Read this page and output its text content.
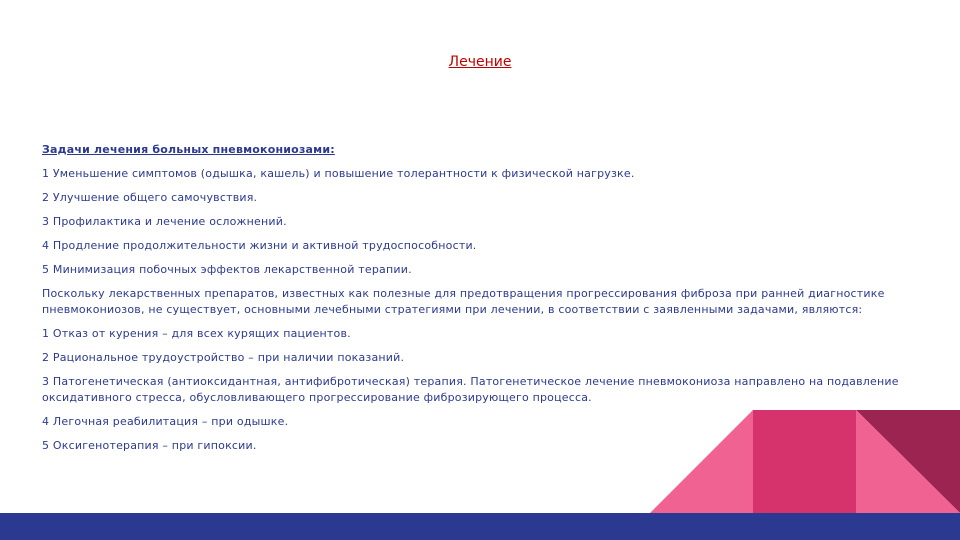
Лечение

Задачи лечения больных пневмокониозами:

1 Уменьшение симптомов (одышка, кашель) и повышение толерантности к физической нагрузке.

2 Улучшение общего самочувствия.

3 Профилактика и лечение осложнений.

4 Продление продолжительности жизни и активной трудоспособности.

5 Минимизация побочных эффектов лекарственной терапии.

Поскольку лекарственных препаратов, известных как полезные для предотвращения прогрессирования фиброза при ранней диагностике пневмокониозов, не существует, основными лечебными стратегиями при лечении, в соответствии с заявленными задачами, являются:

1 Отказ от курения – для всех курящих пациентов.

2 Рациональное трудоустройство – при наличии показаний.

3 Патогенетическая (антиоксидантная, антифибротическая) терапия. Патогенетическое лечение пневмокониоза направлено на подавление оксидативного стресса, обусловливающего прогрессирование фиброзирующего процесса.

4 Легочная реабилитация – при одышке.

5 Оксигенотерапия – при гипоксии.
